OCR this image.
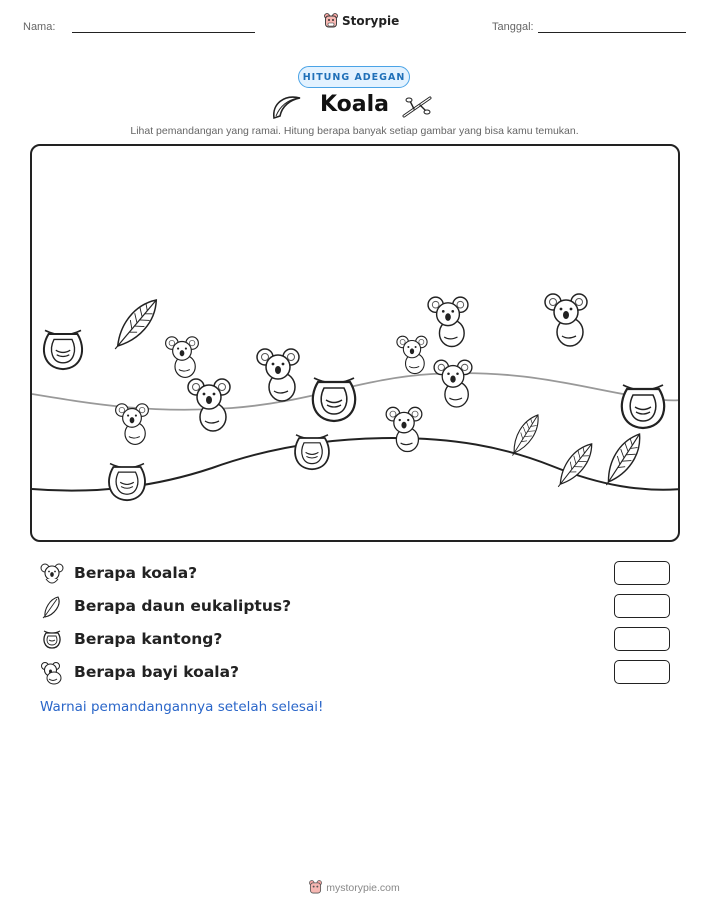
Nama:	Storypie	Tanggal:
HITUNG ADEGAN
Koala
Lihat pemandangan yang ramai. Hitung berapa banyak setiap gambar yang bisa kamu temukan.
Berapa koala?
Berapa daun eukaliptus?
Berapa kantong?
Berapa bayi koala?
Warnai pemandangannya setelah selesai!
mystorypie.com
